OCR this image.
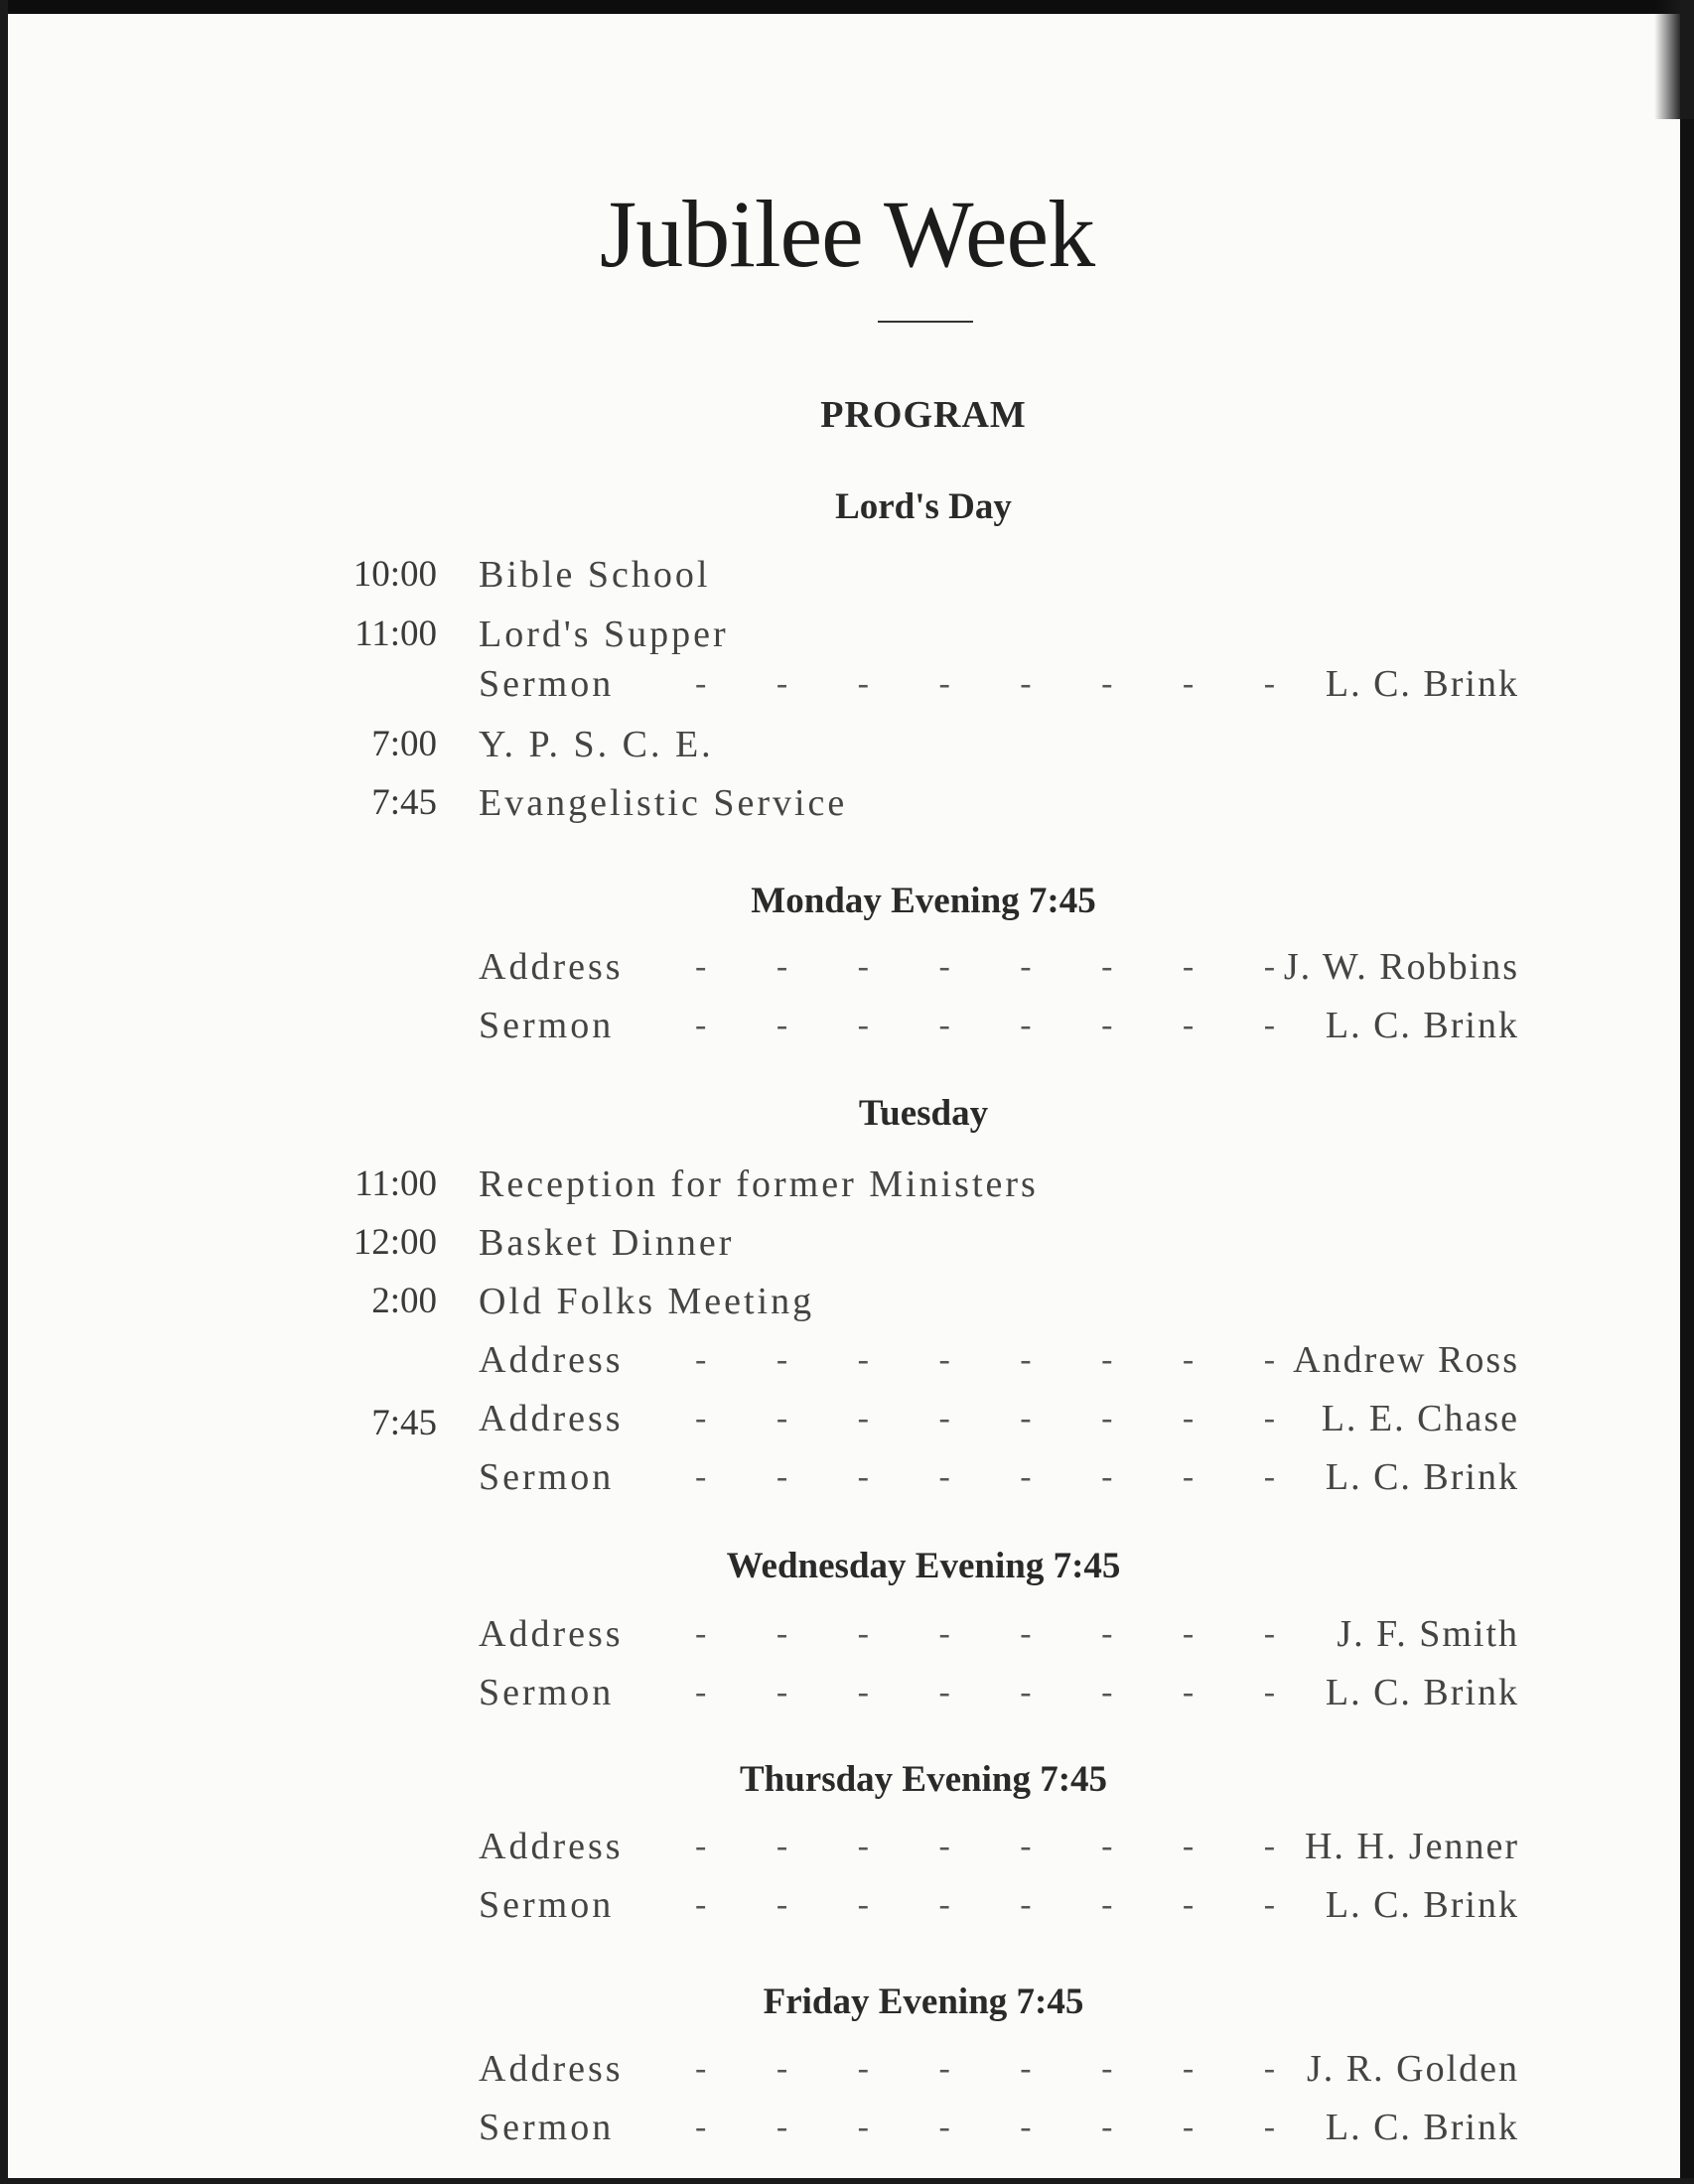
Jubilee Week
PROGRAM
Lord's Day
10:00 Bible School
11:00 Lord's Supper
Sermon - - - - - - - - L. C. Brink
7:00 Y. P. S. C. E.
7:45 Evangelistic Service
Monday Evening 7:45
Address - - - - - - - - J. W. Robbins
Sermon - - - - - - - - L. C. Brink
Tuesday
11:00 Reception for former Ministers
12:00 Basket Dinner
2:00 Old Folks Meeting
Address - - - - - - - - Andrew Ross
7:45 Address - - - - - - - - L. E. Chase
Sermon - - - - - - - - L. C. Brink
Wednesday Evening 7:45
Address - - - - - - - - J. F. Smith
Sermon - - - - - - - - L. C. Brink
Thursday Evening 7:45
Address - - - - - - - - H. H. Jenner
Sermon - - - - - - - - L. C. Brink
Friday Evening 7:45
Address - - - - - - - - J. R. Golden
Sermon - - - - - - - - L. C. Brink
